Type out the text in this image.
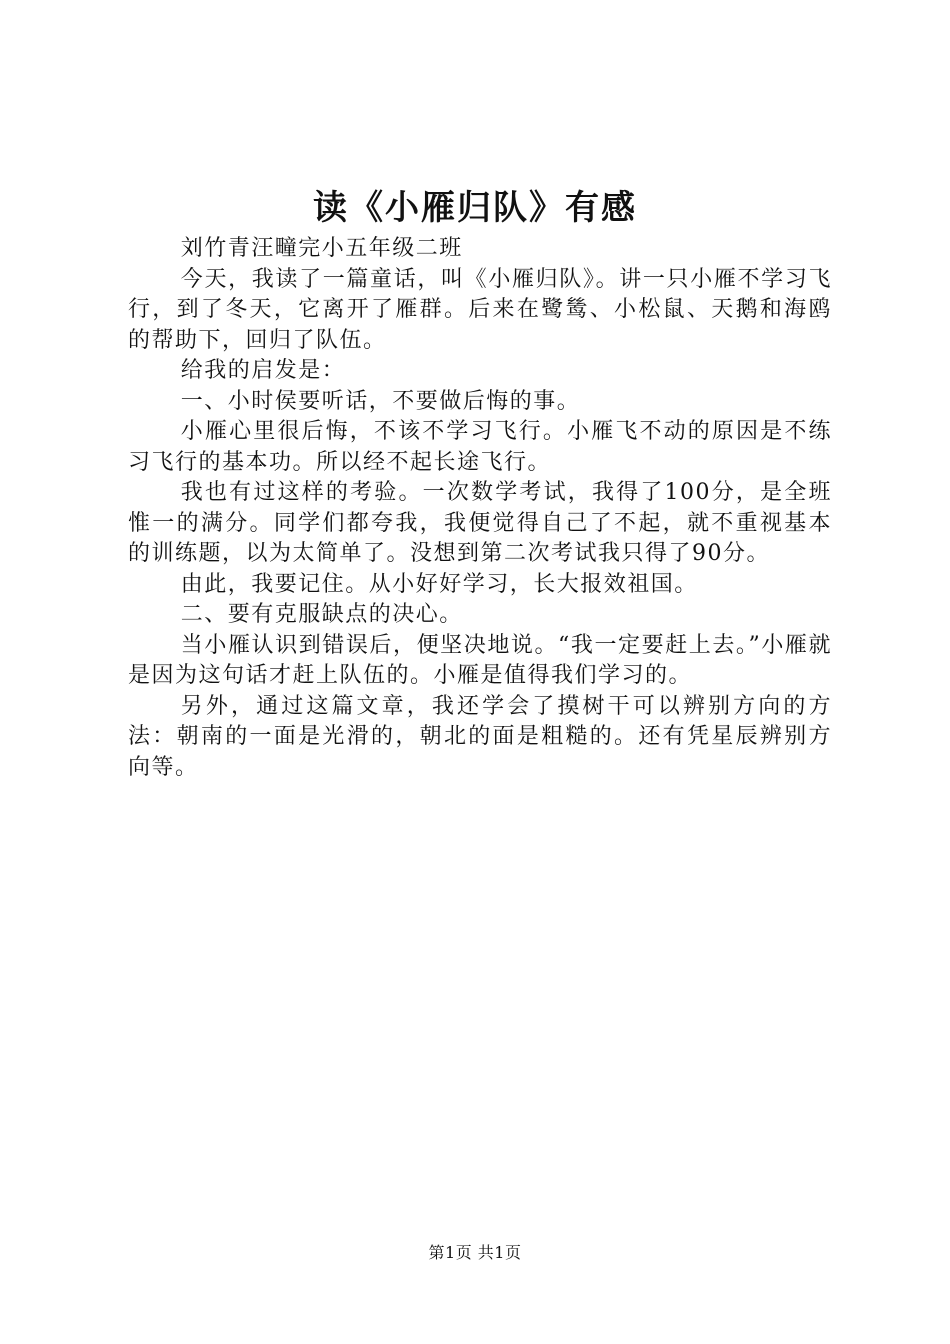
读《小雁归队》有感

刘竹青汪疃完小五年级二班

今天，我读了一篇童话，叫《小雁归队》。讲一只小雁不学习飞行，到了冬天，它离开了雁群。后来在鹭鸶、小松鼠、天鹅和海鸥的帮助下，回归了队伍。

给我的启发是：

一、小时侯要听话，不要做后悔的事。

小雁心里很后悔，不该不学习飞行。小雁飞不动的原因是不练习飞行的基本功。所以经不起长途飞行。

我也有过这样的考验。一次数学考试，我得了100分，是全班惟一的满分。同学们都夸我，我便觉得自己了不起，就不重视基本的训练题，以为太简单了。没想到第二次考试我只得了90分。

由此，我要记住。从小好好学习，长大报效祖国。

二、要有克服缺点的决心。

当小雁认识到错误后，便坚决地说。“我一定要赶上去。”小雁就是因为这句话才赶上队伍的。小雁是值得我们学习的。

另外，通过这篇文章，我还学会了摸树干可以辨别方向的方法：朝南的一面是光滑的，朝北的面是粗糙的。还有凭星辰辨别方向等。

第1页 共1页
